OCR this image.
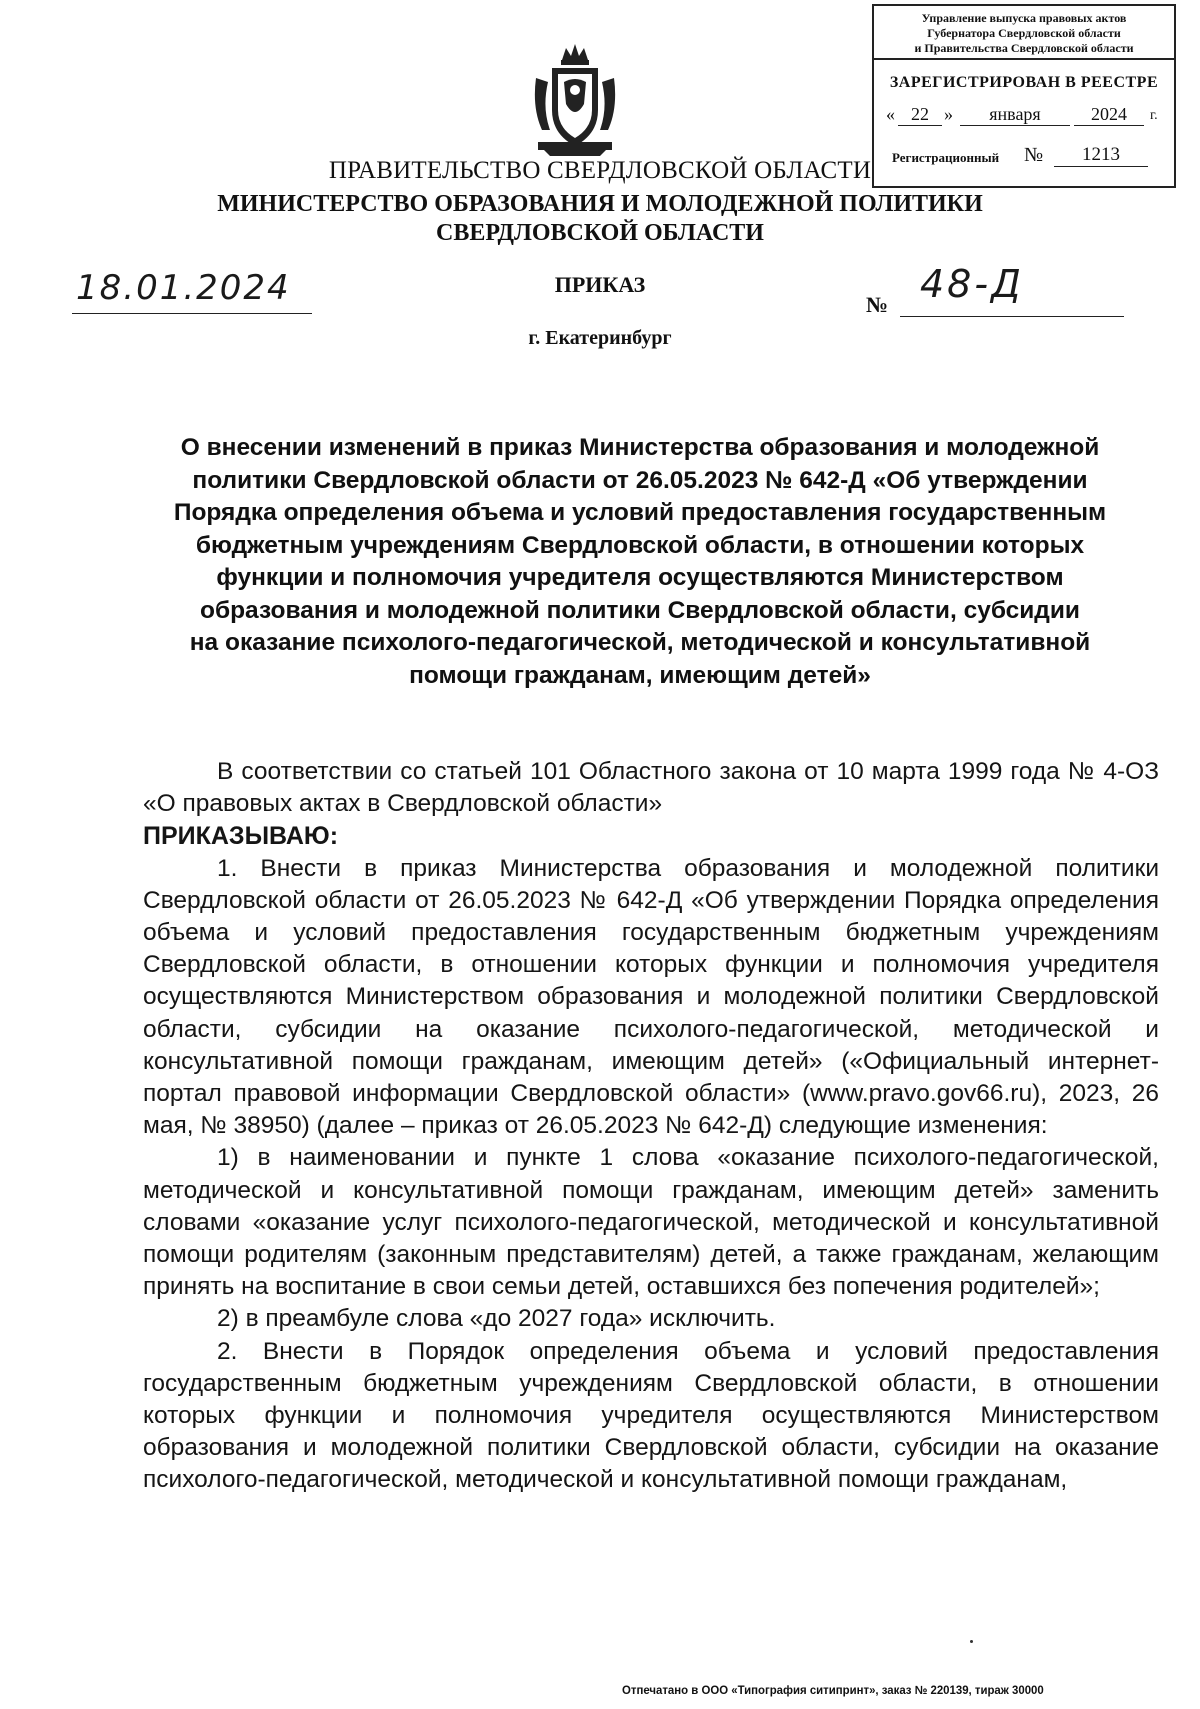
Управление выпуска правовых актов
Губернатора Свердловской области
и Правительства Свердловской области
ЗАРЕГИСТРИРОВАН В РЕЕСТРЕ
« 22 »	января	2024	г.
Регистрационный №	1213
ПРАВИТЕЛЬСТВО СВЕРДЛОВСКОЙ ОБЛАСТИ
МИНИСТЕРСТВО ОБРАЗОВАНИЯ И МОЛОДЕЖНОЙ ПОЛИТИКИ
СВЕРДЛОВСКОЙ ОБЛАСТИ
18.01.2024	ПРИКАЗ
г. Екатеринбург
№ 48-Д
О внесении изменений в приказ Министерства образования и молодежной
политики Свердловской области от 26.05.2023 № 642-Д «Об утверждении
Порядка определения объема и условий предоставления государственным
бюджетным учреждениям Свердловской области, в отношении которых
функции и полномочия учредителя осуществляются Министерством
образования и молодежной политики Свердловской области, субсидии
на оказание психолого-педагогической, методической и консультативной
помощи гражданам, имеющим детей»

В соответствии со статьей 101 Областного закона от 10 марта 1999 года № 4-ОЗ «О правовых актах в Свердловской области»

ПРИКАЗЫВАЮ:

1. Внести в приказ Министерства образования и молодежной политики Свердловской области от 26.05.2023 № 642-Д «Об утверждении Порядка определения объема и условий предоставления государственным бюджетным учреждениям Свердловской области, в отношении которых функции и полномочия учредителя осуществляются Министерством образования и молодежной политики Свердловской области, субсидии на оказание психолого-педагогической, методической и консультативной помощи гражданам, имеющим детей» («Официальный интернет-портал правовой информации Свердловской области» (www.pravo.gov66.ru), 2023, 26 мая, № 38950) (далее – приказ от 26.05.2023 № 642-Д) следующие изменения:

1) в наименовании и пункте 1 слова «оказание психолого-педагогической, методической и консультативной помощи гражданам, имеющим детей» заменить словами «оказание услуг психолого-педагогической, методической и консультативной помощи родителям (законным представителям) детей, а также гражданам, желающим принять на воспитание в свои семьи детей, оставшихся без попечения родителей»;

2) в преамбуле слова «до 2027 года» исключить.

2. Внести в Порядок определения объема и условий предоставления государственным бюджетным учреждениям Свердловской области, в отношении которых функции и полномочия учредителя осуществляются Министерством образования и молодежной политики Свердловской области, субсидии на оказание психолого-педагогической, методической и консультативной помощи гражданам,

Отпечатано в ООО «Типография ситипринт», заказ № 220139, тираж 30000
